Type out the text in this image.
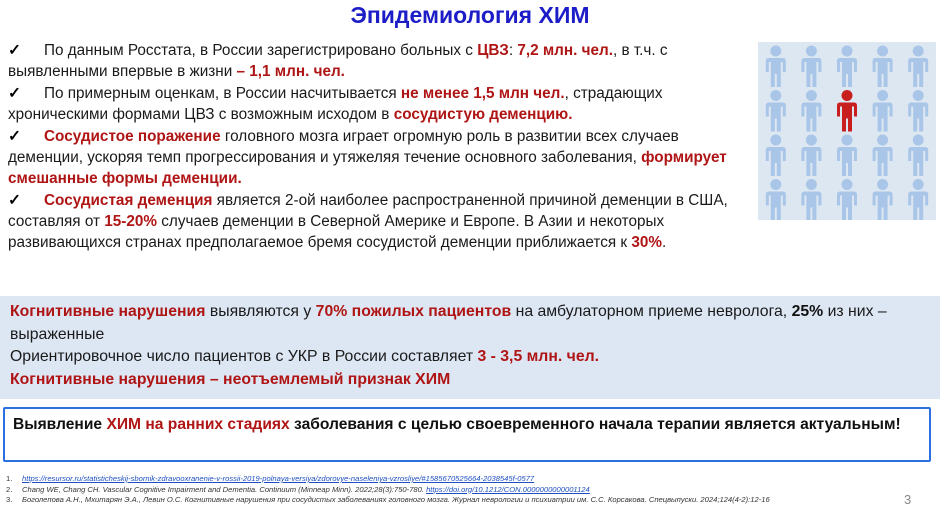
Эпидемиология ХИМ
✓ По данным Росстата, в России зарегистрировано больных с ЦВЗ: 7,2 млн. чел., в т.ч. с выявленными впервые в жизни – 1,1 млн. чел.
✓ По примерным оценкам, в России насчитывается не менее 1,5 млн чел., страдающих хроническими формами ЦВЗ с возможным исходом в сосудистую деменцию.
✓ Сосудистое поражение головного мозга играет огромную роль в развитии всех случаев деменции, ускоряя темп прогрессирования и утяжеляя течение основного заболевания, формирует смешанные формы деменции.
✓ Сосудистая деменция является 2-ой наиболее распространенной причиной деменции в США, составляя от 15-20% случаев деменции в Северной Америке и Европе. В Азии и некоторых развивающихся странах предполагаемое бремя сосудистой деменции приближается к 30%.
Когнитивные нарушения выявляются у 70% пожилых пациентов на амбулаторном приеме невролога, 25% из них – выраженные
Ориентировочное число пациентов с УКР в России составляет 3 - 3,5 млн. чел.
Когнитивные нарушения – неотъемлемый признак ХИМ
Выявление ХИМ на ранних стадиях заболевания с целью своевременного начала терапии является актуальным!
1. https://resursor.ru/statisticheskij-sbornik-zdravooxranenie-v-rossii-2019-polnaya-versiya/zdorovye-naseleniya-vzrosliye/#1585670525664-2038545f-0577
2. Chang WE, Chang CH. Vascular Cognitive Impairment and Dementia. Continuum (Minneap Minn). 2022;28(3):750-780. https://doi.org/10.1212/CON.0000000000001124
3. Боголепова А.Н., Мхитарян Э.А., Левин О.С. Когнитивные нарушения при сосудистых заболеваниях головного мозга. Журнал неврологии и психиатрии им. С.С. Корсакова. Спецвыпуски. 2024;124(4-2):12-16	3
